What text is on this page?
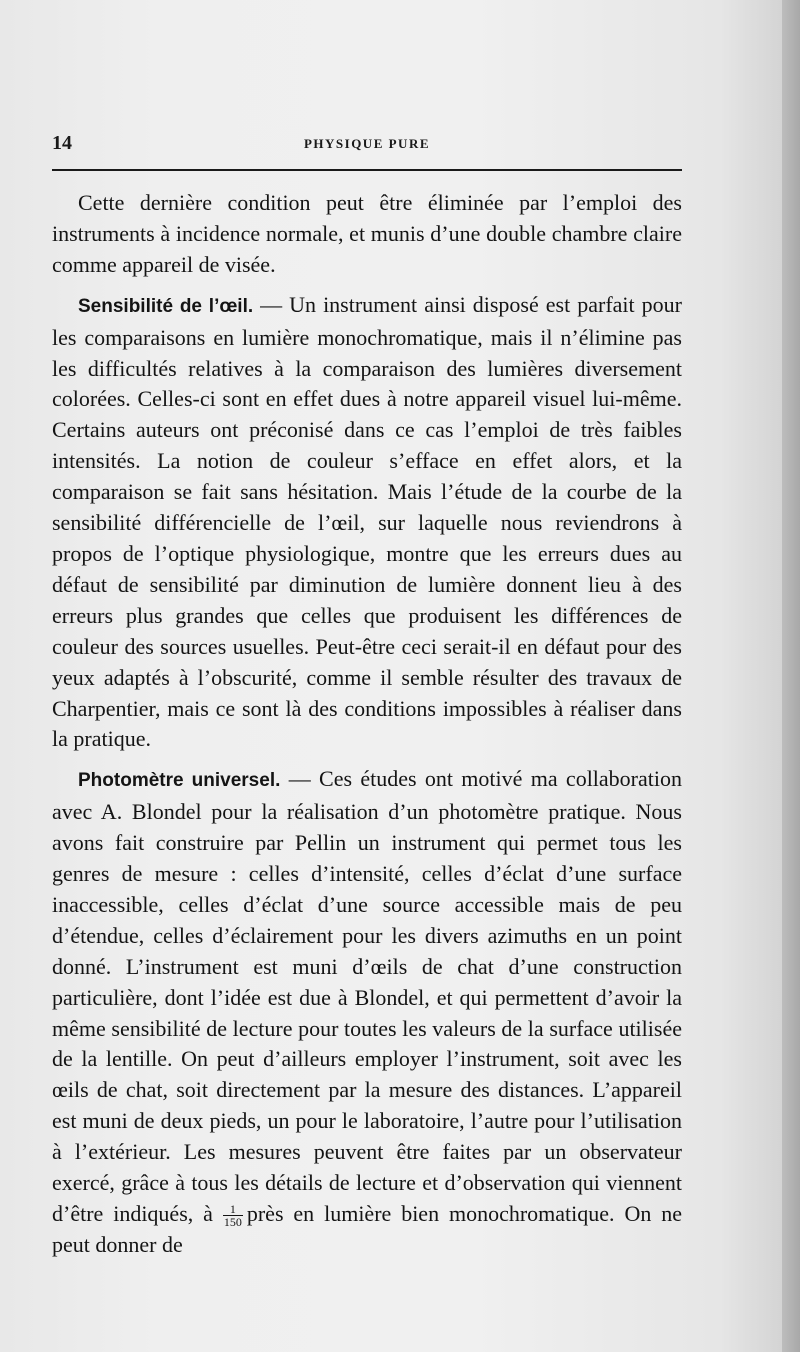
14	PHYSIQUE PURE

Cette dernière condition peut être éliminée par l’emploi des instruments à incidence normale, et munis d’une double chambre claire comme appareil de visée.

Sensibilité de l’œil. — Un instrument ainsi disposé est parfait pour les comparaisons en lumière monochromatique, mais il n’élimine pas les difficultés relatives à la comparaison des lumières diversement colorées. Celles-ci sont en effet dues à notre appareil visuel lui-même. Certains auteurs ont préconisé dans ce cas l’emploi de très faibles intensités. La notion de couleur s’efface en effet alors, et la comparaison se fait sans hésitation. Mais l’étude de la courbe de la sensibilité différencielle de l’œil, sur laquelle nous reviendrons à propos de l’optique physiologique, montre que les erreurs dues au défaut de sensibilité par diminution de lumière donnent lieu à des erreurs plus grandes que celles que produisent les différences de couleur des sources usuelles. Peut-être ceci serait-il en défaut pour des yeux adaptés à l’obscurité, comme il semble résulter des travaux de Charpentier, mais ce sont là des conditions impossibles à réaliser dans la pratique.

Photomètre universel. — Ces études ont motivé ma collaboration avec A. Blondel pour la réalisation d’un photomètre pratique. Nous avons fait construire par Pellin un instrument qui permet tous les genres de mesure : celles d’intensité, celles d’éclat d’une surface inaccessible, celles d’éclat d’une source accessible mais de peu d’étendue, celles d’éclairement pour les divers azimuths en un point donné. L’instrument est muni d’œils de chat d’une construction particulière, dont l’idée est due à Blondel, et qui permettent d’avoir la même sensibilité de lecture pour toutes les valeurs de la surface utilisée de la lentille. On peut d’ailleurs employer l’instrument, soit avec les œils de chat, soit directement par la mesure des distances. L’appareil est muni de deux pieds, un pour le laboratoire, l’autre pour l’utilisation à l’extérieur. Les mesures peuvent être faites par un observateur exercé, grâce à tous les détails de lecture et d’observation qui viennent d’être indiqués, à $\frac{1}{150}$ près en lumière bien monochromatique. On ne peut donner de
